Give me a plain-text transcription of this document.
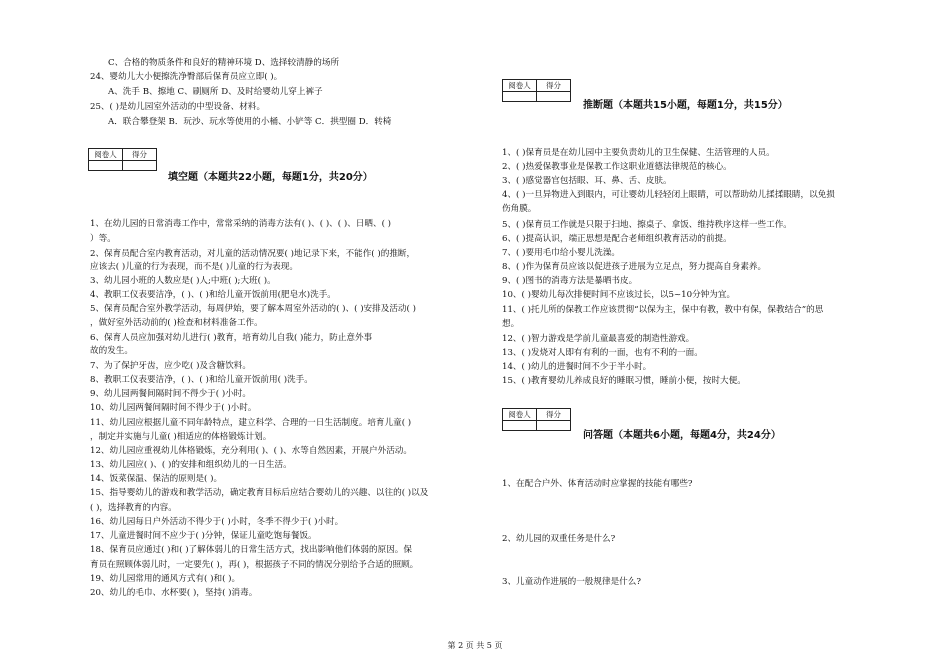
C、合格的物质条件和良好的精神环境 D、选择较清静的场所
24、婴幼儿大小便擦洗净臀部后保育员应立即( )。
A、洗手 B、擦地 C、刷厕所 D、及时给婴幼儿穿上裤子
25、( )是幼儿园室外活动的中型设备、材料。
A．联合攀登架 B．玩沙、玩水等使用的小桶、小铲等 C．拱型圈 D．转椅
阅卷人	得分

填空题（本题共22小题，每题1分，共20分）
1、在幼儿园的日常消毒工作中，常常采纳的消毒方法有( )、( )、( )、日晒、( )
）等。
2、保育员配合室内教育活动，对儿童的活动情况要( )地记录下来，不能作( )的推断，
应该去( )儿童的行为表现，而不是( )儿童的行为表现。
3、幼儿园小班的人数应是( )人;中班( );大班( )。
4、教职工仪表要洁净，( )、( )和给儿童开饭前用(肥皂水)洗手。
5、保育员配合室外教学活动，每周伊始，要了解本周室外活动的( )、( )安排及活动( )
，做好室外活动前的( )检查和材料准备工作。
6、保育人员应加强对幼儿进行( )教育，培育幼儿自我( )能力，防止意外事
故的发生。
7、为了保护牙齿，应少吃( )及含糖饮料。
8、教职工仪表要洁净，( )、( )和给儿童开饭前用( )洗手。
9、幼儿园两餐间隔时间不得少于( )小时。
10、幼儿园两餐间隔时间不得少于( )小时。
11、幼儿园应根据儿童不同年龄特点，建立科学、合理的一日生活制度。培育儿童( )
，制定并实施与儿童( )相适应的体格锻炼计划。
12、幼儿园应重视幼儿体格锻炼，充分利用( )、( )、水等自然因素，开展户外活动。
13、幼儿园应( )、( )的安排和组织幼儿的一日生活。
14、饭菜保温、保洁的原则是( )。
15、指导婴幼儿的游戏和教学活动，确定教育目标后应结合婴幼儿的兴趣、以往的( )以及
( )，选择教育的内容。
16、幼儿园每日户外活动不得少于( )小时，冬季不得少于( )小时。
17、儿童进餐时间不应少于( )分钟，保证儿童吃饱每餐饭。
18、保育员应通过( )和( )了解体弱儿的日常生活方式，找出影响他们体弱的原因。保
育员在照顾体弱儿时，一定要先( )，再( )，根据孩子不同的情况分别给予合适的照顾。
19、幼儿园常用的通风方式有( )和( )。
20、幼儿的毛巾、水杯要( )，坚持( )消毒。
阅卷人	得分

推断题（本题共15小题，每题1分，共15分）
1、( )保育员是在幼儿园中主要负责幼儿的卫生保健、生活管理的人员。
2、( )热爱保教事业是保教工作这职业道德法律规范的核心。
3、( )感觉器官包括眼、耳、鼻、舌、皮肤。
4、( )一旦异物进入到眼内，可让婴幼儿轻轻闭上眼睛，可以帮助幼儿揉揉眼睛，以免损
伤角膜。
5、( )保育员工作就是只限于扫地、擦桌子、拿饭、维持秩序这样一些工作。
6、( )提高认识，端正思想是配合老师组织教育活动的前提。
7、( )要用毛巾给小婴儿洗澡。
8、( )作为保育员应该以促进孩子进展为立足点，努力提高自身素养。
9、( )图书的消毒方法是暴晒书皮。
10、( )婴幼儿每次排便时间不应该过长，以5~10分钟为宜。
11、( )托儿所的保教工作应该贯彻“以保为主，保中有教，教中有保，保教结合”的思
想。
12、( )智力游戏是学前儿童最喜爱的制造性游戏。
13、( )发烧对人即有有利的一面，也有不利的一面。
14、( )幼儿的进餐时间不少于半小时。
15、( )教育婴幼儿养成良好的睡眠习惯，睡前小便，按时大便。
阅卷人	得分

问答题（本题共6小题，每题4分，共24分）
1、在配合户外、体育活动时应掌握的技能有哪些?
2、幼儿园的双重任务是什么?
3、儿童动作进展的一般规律是什么?
第 2 页 共 5 页
